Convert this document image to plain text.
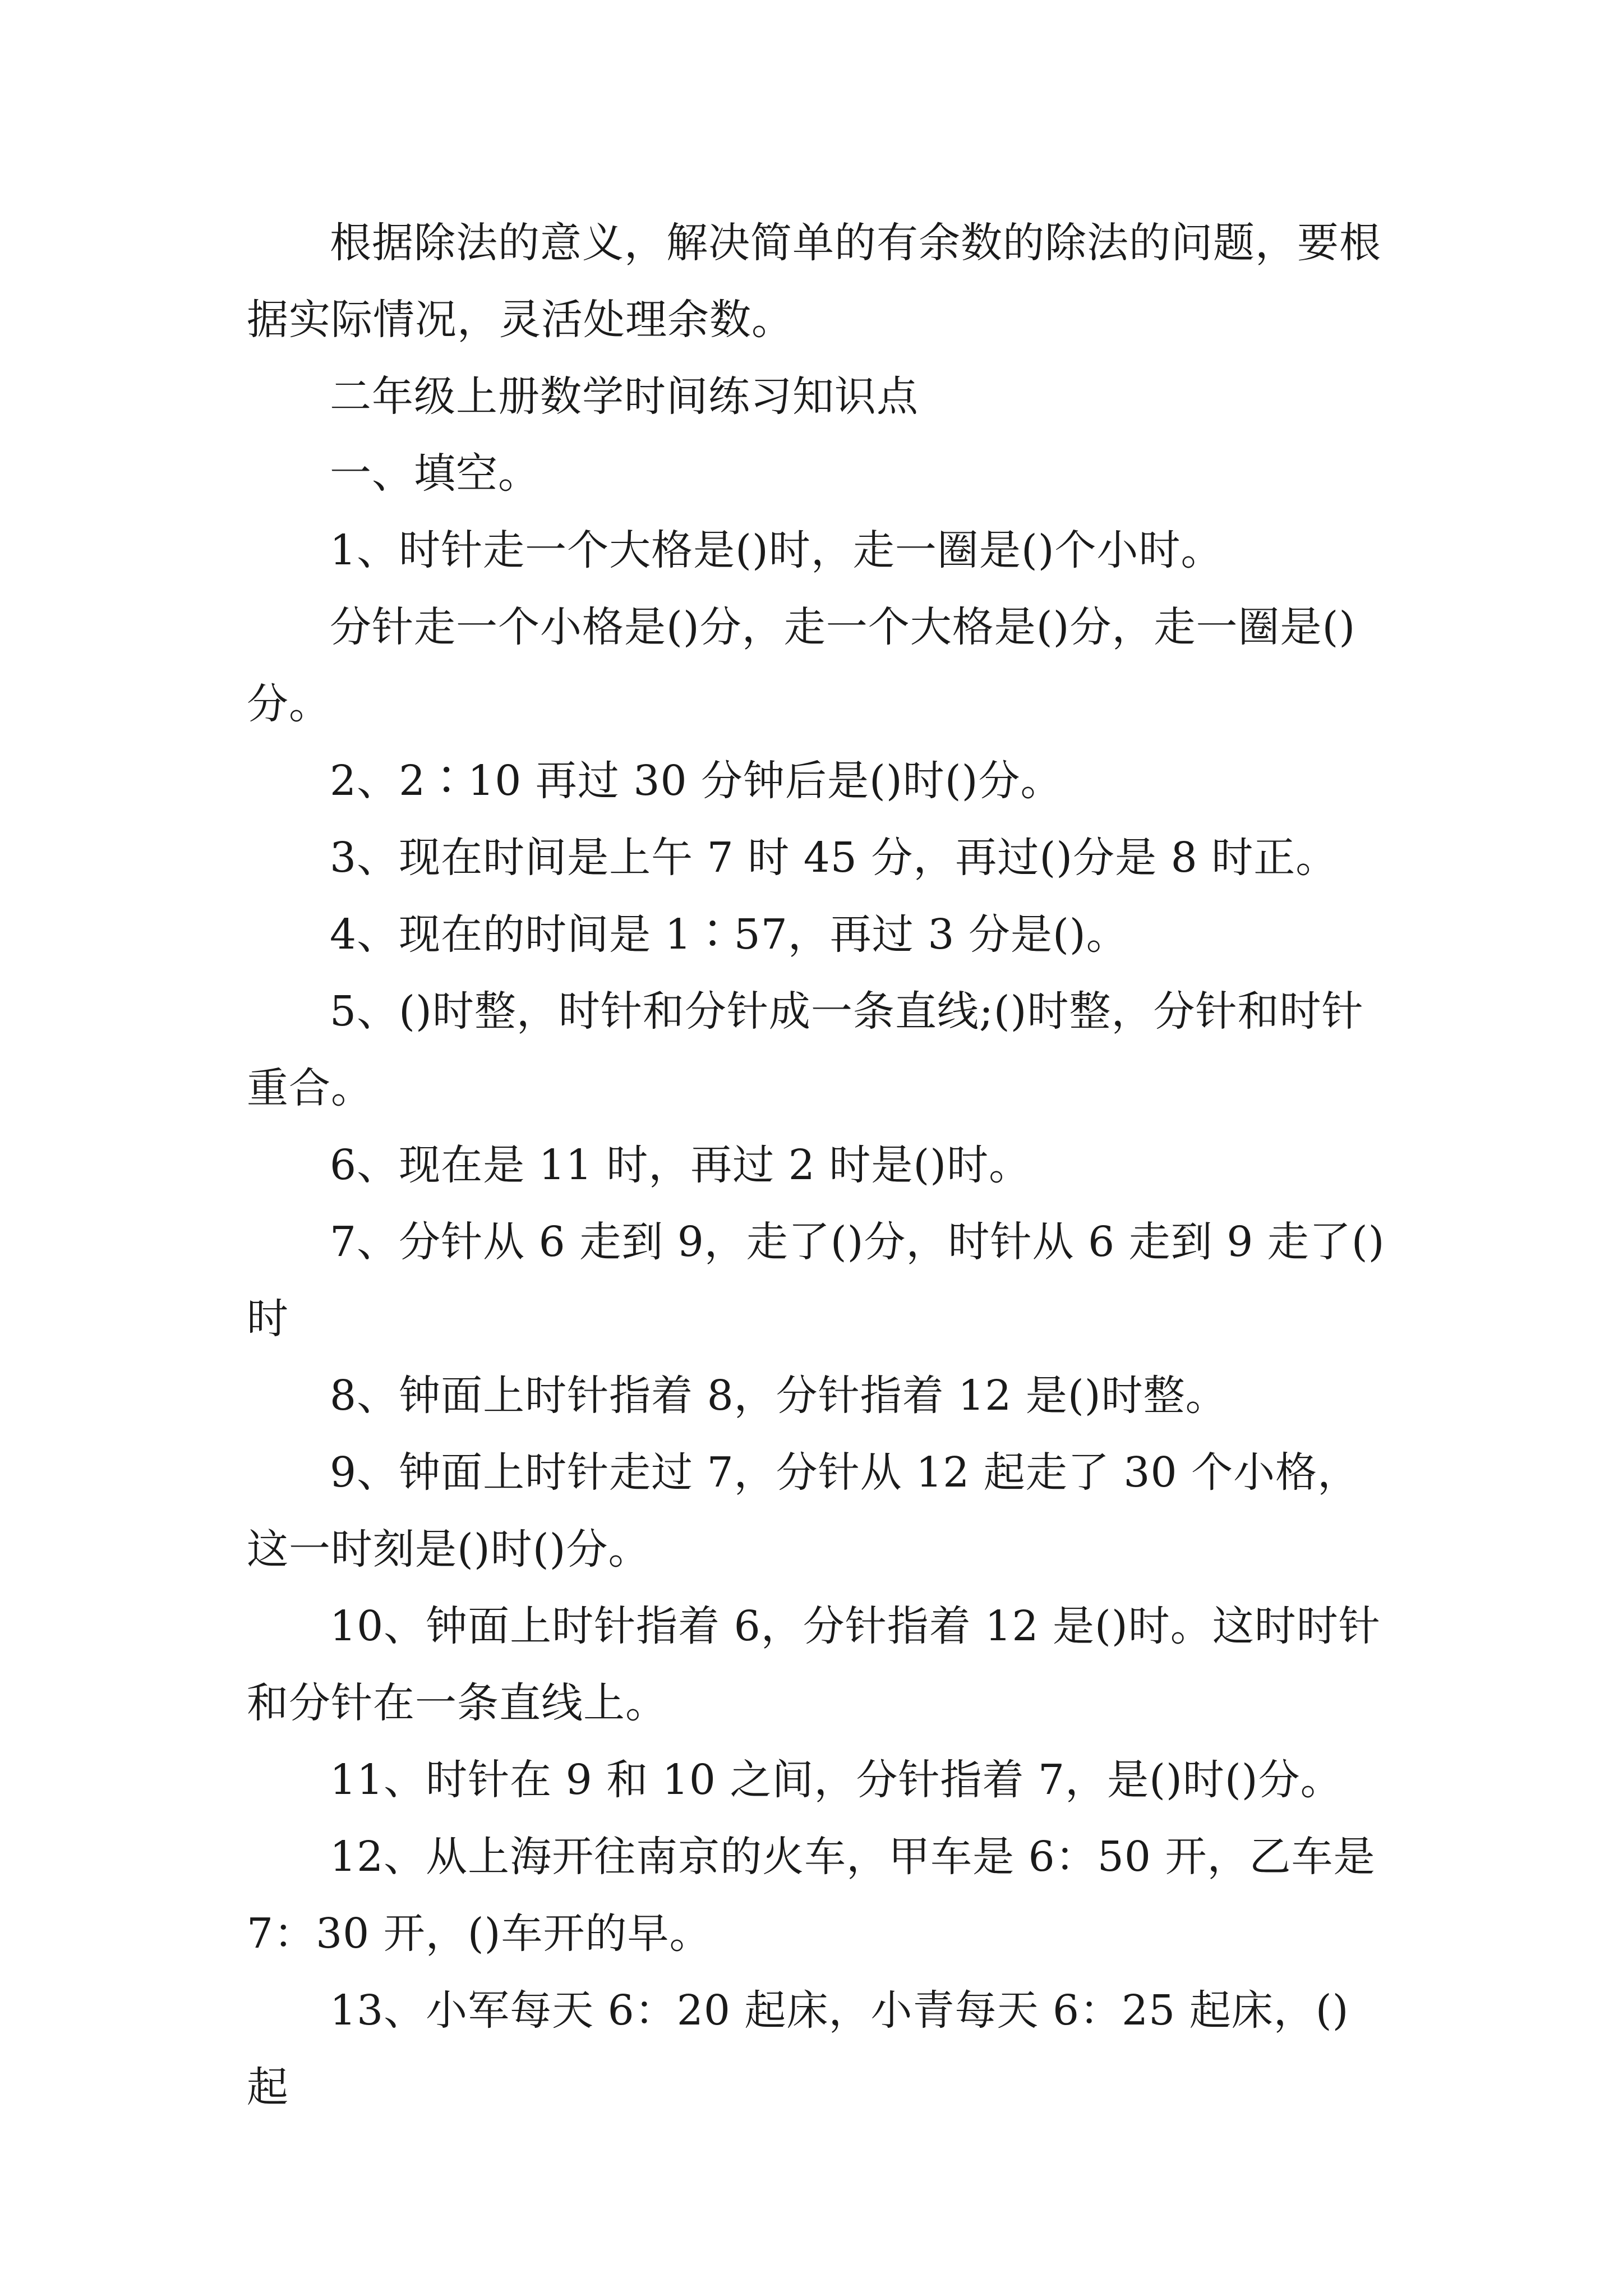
根据除法的意义，解决简单的有余数的除法的问题，要根据实际情况，灵活处理余数。

二年级上册数学时间练习知识点

一、填空。

1、时针走一个大格是()时，走一圈是()个小时。

分针走一个小格是()分，走一个大格是()分，走一圈是()分。

2、2∶10 再过 30 分钟后是()时()分。

3、现在时间是上午 7 时 45 分，再过()分是 8 时正。

4、现在的时间是 1∶57，再过 3 分是()。

5、()时整，时针和分针成一条直线;()时整，分针和时针重合。

6、现在是 11 时，再过 2 时是()时。

7、分针从 6 走到 9，走了()分，时针从 6 走到 9 走了()时

8、钟面上时针指着 8，分针指着 12 是()时整。

9、钟面上时针走过 7，分针从 12 起走了 30 个小格，这一时刻是()时()分。

10、钟面上时针指着 6，分针指着 12 是()时。这时时针和分针在一条直线上。

11、时针在 9 和 10 之间，分针指着 7，是()时()分。

12、从上海开往南京的火车，甲车是 6：50 开，乙车是 7：30 开，()车开的早。

13、小军每天 6：20 起床，小青每天 6：25 起床，()起
